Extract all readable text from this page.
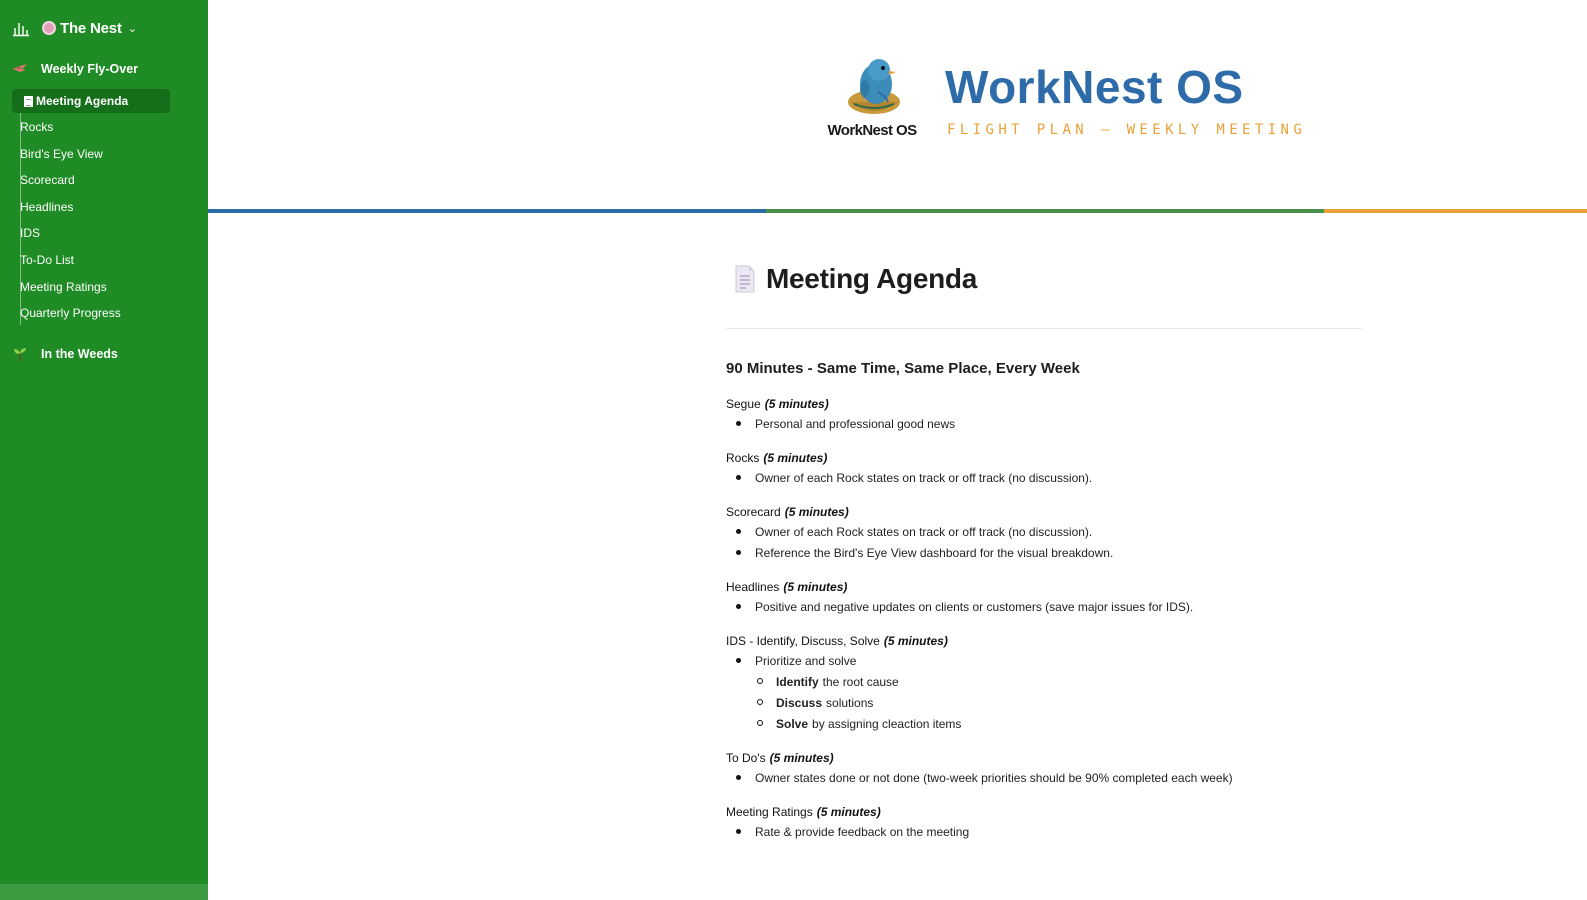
The Nest ⌄
Weekly Fly-Over
Meeting Agenda
Rocks
Bird's Eye View
Scorecard
Headlines
IDS
To-Do List
Meeting Ratings
Quarterly Progress
In the Weeds
WorkNest OS
WorkNest OS
FLIGHT PLAN — WEEKLY MEETING
Meeting Agenda
90 Minutes - Same Time, Same Place, Every Week
Segue (5 minutes)
Personal and professional good news
Rocks (5 minutes)
Owner of each Rock states on track or off track (no discussion).
Scorecard (5 minutes)
Owner of each Rock states on track or off track (no discussion).
Reference the Bird's Eye View dashboard for the visual breakdown.
Headlines (5 minutes)
Positive and negative updates on clients or customers (save major issues for IDS).
IDS - Identify, Discuss, Solve (5 minutes)
Prioritize and solve
Identify the root cause
Discuss solutions
Solve by assigning cleaction items
To Do's (5 minutes)
Owner states done or not done (two-week priorities should be 90% completed each week)
Meeting Ratings (5 minutes)
Rate & provide feedback on the meeting
